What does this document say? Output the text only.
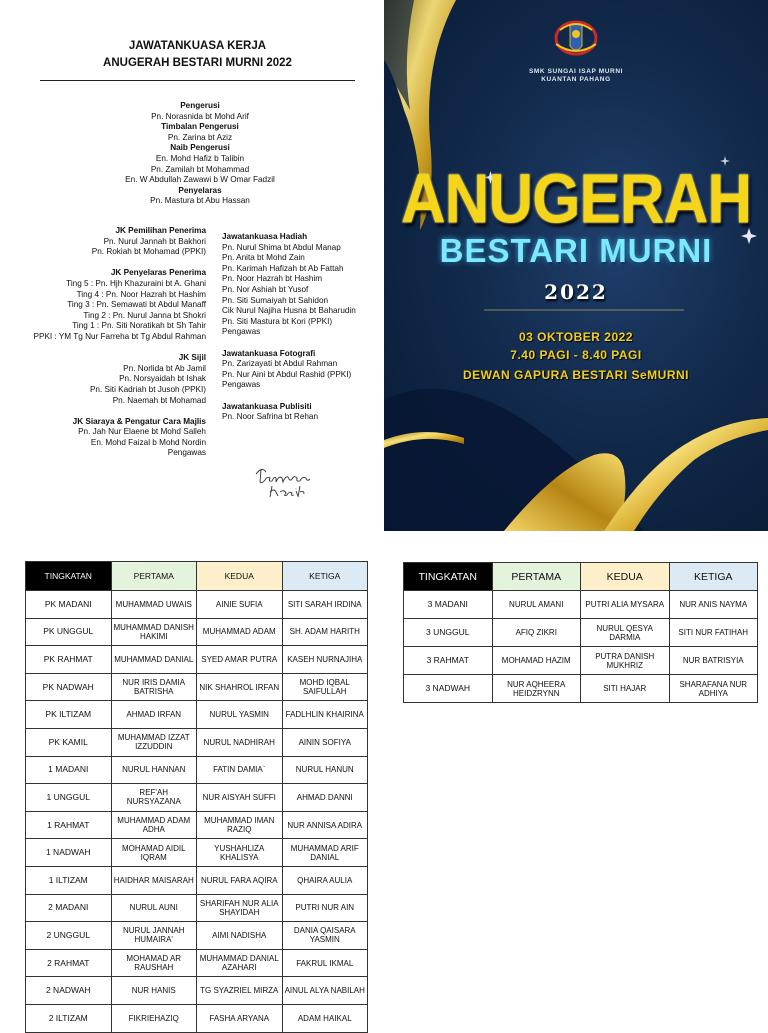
JAWATANKUASA KERJA
ANUGERAH BESTARI MURNI 2022
Pengerusi
Pn. Norasnida bt Mohd Arif
Timbalan Pengerusi
Pn. Zarina bt Aziz
Naib Pengerusi
En. Mohd Hafiz b Talibin
Pn. Zamilah bt Mohammad
En. W Abdullah Zawawi b W Omar Fadzil
Penyelaras
Pn. Mastura bt Abu Hassan
JK Pemilihan Penerima
Pn. Nurul Jannah bt Bakhori
Pn. Rokiah bt Mohamad (PPKI)

JK Penyelaras Penerima
Ting 5 : Pn. Hjh Khazuraini bt A. Ghani
Ting 4 : Pn. Noor Hazrah bt Hashim
Ting 3 : Pn. Semawati bt Abdul Manaff
Ting 2 : Pn. Nurul Janna bt Shokri
Ting 1 : Pn. Siti Noratikah bt Sh Tahir
PPKI : YM Tg Nur Farreha bt Tg Abdul Rahman

JK Sijil
Pn. Norlida bt Ab Jamil
Pn. Norsyaidah bt Ishak
Pn. Siti Kadriah bt Jusoh (PPKI)
Pn. Naemah bt Mohamad

JK Siaraya & Pengatur Cara Majlis
Pn. Jah Nur Elaene bt Mohd Salleh
En. Mohd Faizal b Mohd Nordin
Pengawas
Jawatankuasa Hadiah
Pn. Nurul Shima bt Abdul Manap
Pn. Anita bt Mohd Zain
Pn. Karimah Hafizah bt Ab Fattah
Pn. Noor Hazrah bt Hashim
Pn. Nor Ashiah bt Yusof
Pn. Siti Sumaiyah bt Sahidon
Cik Nurul Najiha Husna bt Baharudin
Pn. Siti Mastura bt Kori (PPKI)
Pengawas

Jawatankuasa Fotografi
Pn. Zarizayati bt Abdul Rahman
Pn. Nur Aini bt Abdul Rashid (PPKI)
Pengawas

Jawatankuasa Publisiti
Pn. Noor Safrina bt Rehan
SMK SUNGAI ISAP MURNI
KUANTAN PAHANG
ANUGERAH
BESTARI MURNI
2022
03 OKTOBER 2022
7.40 PAGI - 8.40 PAGI
DEWAN GAPURA BESTARI SeMURNI
TINGKATAN	PERTAMA	KEDUA	KETIGA
PK MADANI	MUHAMMAD UWAIS	AINIE SUFIA	SITI SARAH IRDINA
PK UNGGUL	MUHAMMAD DANISH HAKIMI	MUHAMMAD ADAM	SH. ADAM HARITH
PK RAHMAT	MUHAMMAD DANIAL	SYED AMAR PUTRA	KASEH NURNAJIHA
PK NADWAH	NUR IRIS DAMIA BATRISHA	NIK SHAHROL IRFAN	MOHD IQBAL SAIFULLAH
PK ILTIZAM	AHMAD IRFAN	NURUL YASMIN	FADLHLIN KHAIRINA
PK KAMIL	MUHAMMAD IZZAT IZZUDDIN	NURUL NADHIRAH	AININ SOFIYA
1 MADANI	NURUL HANNAN	FATIN DAMIA`	NURUL HANUN
1 UNGGUL	REF'AH NURSYAZANA	NUR AISYAH SUFFI	AHMAD DANNI
1 RAHMAT	MUHAMMAD ADAM ADHA	MUHAMMAD IMAN RAZIQ	NUR ANNISA ADIRA
1 NADWAH	MOHAMAD AIDIL IQRAM	YUSHAHLIZA KHALISYA	MUHAMMAD ARIF DANIAL
1 ILTIZAM	HAIDHAR MAISARAH	NURUL FARA AQIRA	QHAIRA AULIA
2 MADANI	NURUL AUNI	SHARIFAH NUR ALIA SHAYIDAH	PUTRI NUR AIN
2 UNGGUL	NURUL JANNAH HUMAIRA'	AIMI NADISHA	DANIA QAISARA YASMIN
2 RAHMAT	MOHAMAD AR RAUSHAH	MUHAMMAD DANIAL AZAHARI	FAKRUL IKMAL
2 NADWAH	NUR HANIS	TG SYAZRIEL MIRZA	AINUL ALYA NABILAH
2 ILTIZAM	FIKRIEHAZIQ	FASHA ARYANA	ADAM HAIKAL
TINGKATAN	PERTAMA	KEDUA	KETIGA
3 MADANI	NURUL AMANI	PUTRI ALIA MYSARA	NUR ANIS NAYMA
3 UNGGUL	AFIQ ZIKRI	NURUL QESYA DARMIA	SITI NUR FATIHAH
3 RAHMAT	MOHAMAD HAZIM	PUTRA DANISH MUKHRIZ	NUR BATRISYIA
3 NADWAH	NUR AQHEERA HEIDZRYNN	SITI HAJAR	SHARAFANA NUR ADHIYA
